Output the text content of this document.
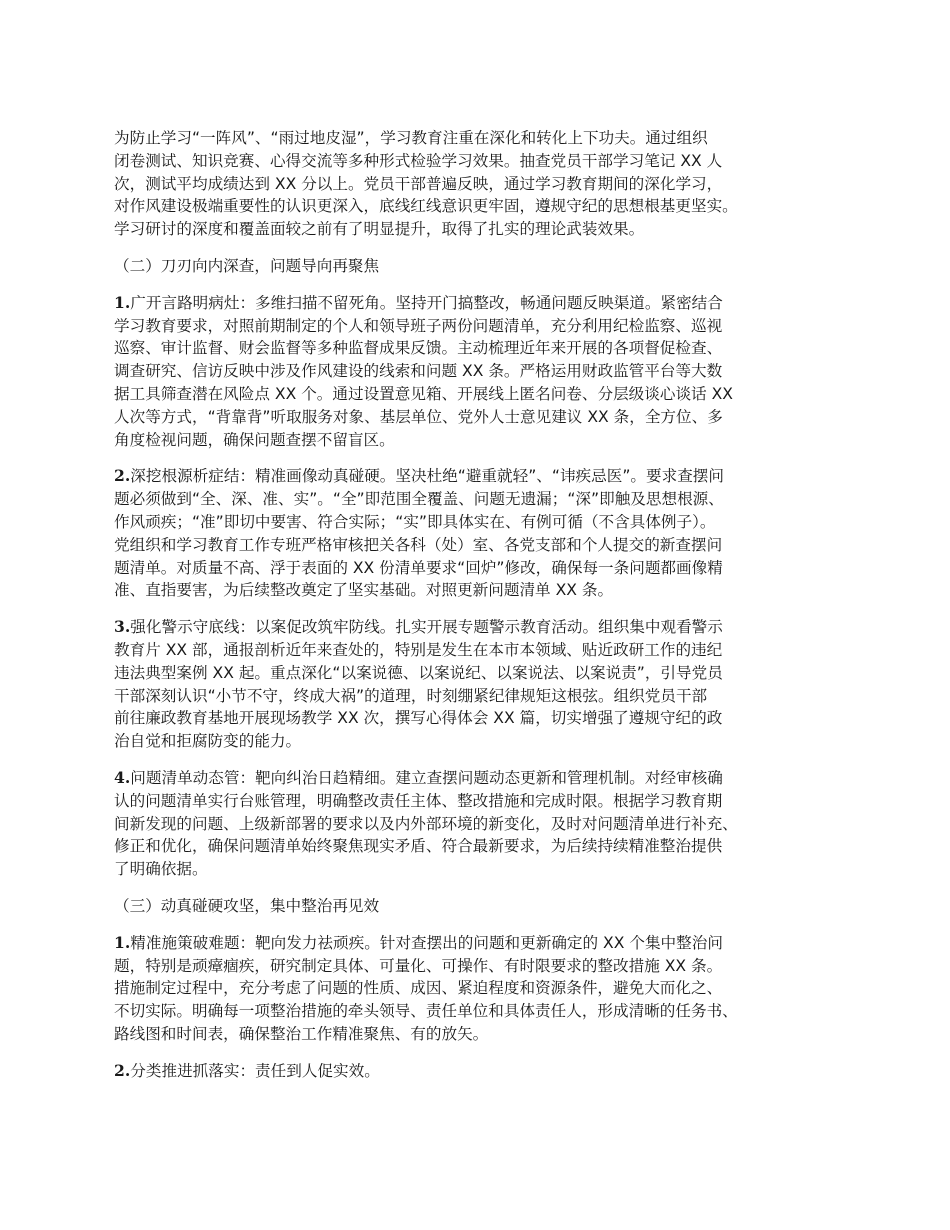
为防止学习“一阵风”、“雨过地皮湿”，学习教育注重在深化和转化上下功夫。通过组织
闭卷测试、知识竞赛、心得交流等多种形式检验学习效果。抽查党员干部学习笔记 XX 人
次，测试平均成绩达到 XX 分以上。党员干部普遍反映，通过学习教育期间的深化学习，
对作风建设极端重要性的认识更深入，底线红线意识更牢固，遵规守纪的思想根基更坚实。
学习研讨的深度和覆盖面较之前有了明显提升，取得了扎实的理论武装效果。

（二）刀刃向内深查，问题导向再聚焦

1.广开言路明病灶：多维扫描不留死角。坚持开门搞整改，畅通问题反映渠道。紧密结合
学习教育要求，对照前期制定的个人和领导班子两份问题清单，充分利用纪检监察、巡视
巡察、审计监督、财会监督等多种监督成果反馈。主动梳理近年来开展的各项督促检查、
调查研究、信访反映中涉及作风建设的线索和问题 XX 条。严格运用财政监管平台等大数
据工具筛查潜在风险点 XX 个。通过设置意见箱、开展线上匿名问卷、分层级谈心谈话 XX
人次等方式，“背靠背”听取服务对象、基层单位、党外人士意见建议 XX 条，全方位、多
角度检视问题，确保问题查摆不留盲区。

2.深挖根源析症结：精准画像动真碰硬。坚决杜绝“避重就轻”、“讳疾忌医”。要求查摆问
题必须做到“全、深、准、实”。“全”即范围全覆盖、问题无遗漏；“深”即触及思想根源、
作风顽疾；“准”即切中要害、符合实际；“实”即具体实在、有例可循（不含具体例子）。
党组织和学习教育工作专班严格审核把关各科（处）室、各党支部和个人提交的新查摆问
题清单。对质量不高、浮于表面的 XX 份清单要求“回炉”修改，确保每一条问题都画像精
准、直指要害，为后续整改奠定了坚实基础。对照更新问题清单 XX 条。

3.强化警示守底线：以案促改筑牢防线。扎实开展专题警示教育活动。组织集中观看警示
教育片 XX 部，通报剖析近年来查处的，特别是发生在本市本领域、贴近政研工作的违纪
违法典型案例 XX 起。重点深化“以案说德、以案说纪、以案说法、以案说责”，引导党员
干部深刻认识“小节不守，终成大祸”的道理，时刻绷紧纪律规矩这根弦。组织党员干部
前往廉政教育基地开展现场教学 XX 次，撰写心得体会 XX 篇，切实增强了遵规守纪的政
治自觉和拒腐防变的能力。

4.问题清单动态管：靶向纠治日趋精细。建立查摆问题动态更新和管理机制。对经审核确
认的问题清单实行台账管理，明确整改责任主体、整改措施和完成时限。根据学习教育期
间新发现的问题、上级新部署的要求以及内外部环境的新变化，及时对问题清单进行补充、
修正和优化，确保问题清单始终聚焦现实矛盾、符合最新要求，为后续持续精准整治提供
了明确依据。

（三）动真碰硬攻坚，集中整治再见效

1.精准施策破难题：靶向发力祛顽疾。针对查摆出的问题和更新确定的 XX 个集中整治问
题，特别是顽瘴痼疾，研究制定具体、可量化、可操作、有时限要求的整改措施 XX 条。
措施制定过程中，充分考虑了问题的性质、成因、紧迫程度和资源条件，避免大而化之、
不切实际。明确每一项整治措施的牵头领导、责任单位和具体责任人，形成清晰的任务书、
路线图和时间表，确保整治工作精准聚焦、有的放矢。

2.分类推进抓落实：责任到人促实效。
